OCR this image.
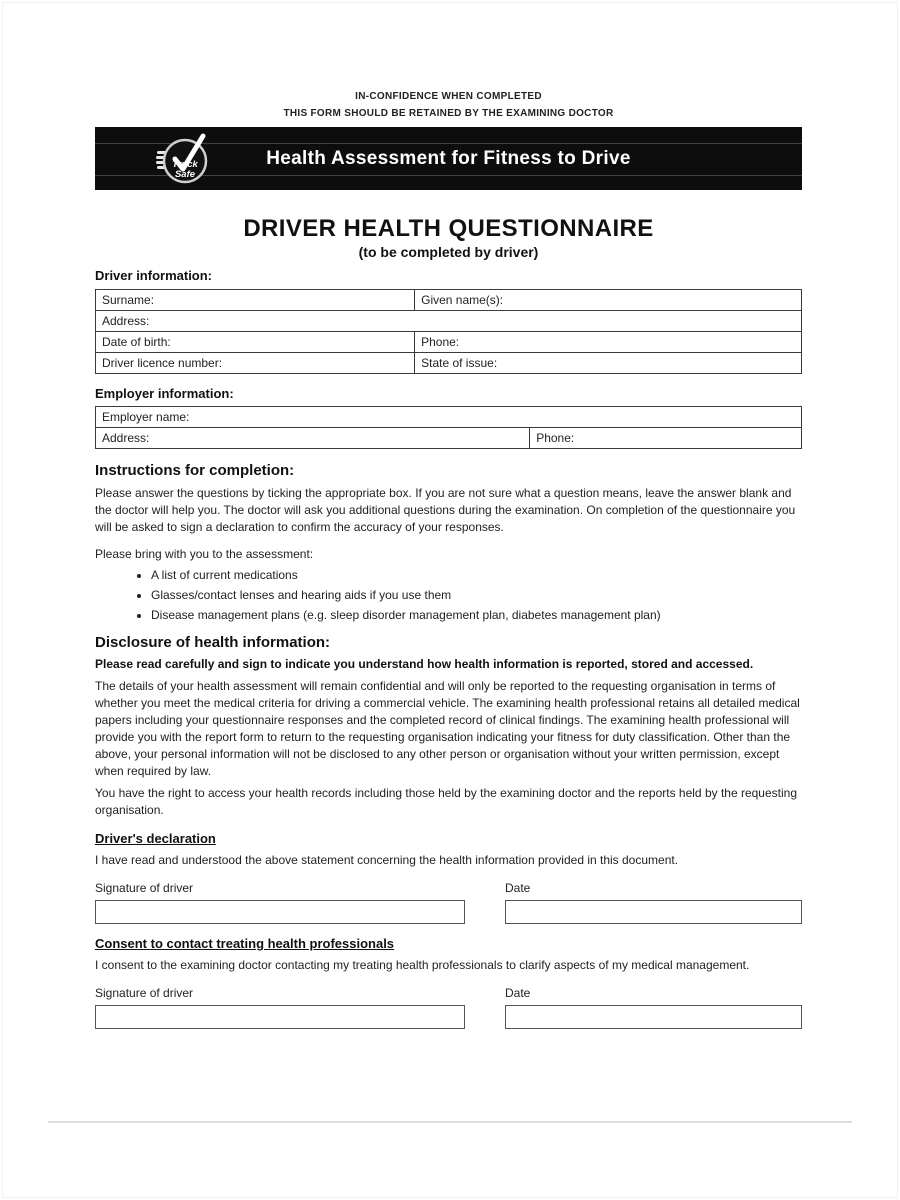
IN-CONFIDENCE WHEN COMPLETED
THIS FORM SHOULD BE RETAINED BY THE EXAMINING DOCTOR
Truck
Safe
Health Assessment for Fitness to Drive
DRIVER HEALTH QUESTIONNAIRE
(to be completed by driver)
Driver information:
Surname:	Given name(s):
Address:	
Date of birth:	Phone:
Driver licence number:	State of issue:
Employer information:
Employer name:
Address:	Phone:
Instructions for completion:
Please answer the questions by ticking the appropriate box. If you are not sure what a question means, leave the answer blank and the doctor will help you. The doctor will ask you additional questions during the examination. On completion of the questionnaire you will be asked to sign a declaration to confirm the accuracy of your responses.
Please bring with you to the assessment:
• A list of current medications
• Glasses/contact lenses and hearing aids if you use them
• Disease management plans (e.g. sleep disorder management plan, diabetes management plan)
Disclosure of health information:
Please read carefully and sign to indicate you understand how health information is reported, stored and accessed.
The details of your health assessment will remain confidential and will only be reported to the requesting organisation in terms of whether you meet the medical criteria for driving a commercial vehicle. The examining health professional retains all detailed medical papers including your questionnaire responses and the completed record of clinical findings. The examining health professional will provide you with the report form to return to the requesting organisation indicating your fitness for duty classification. Other than the above, your personal information will not be disclosed to any other person or organisation without your written permission, except when required by law.
You have the right to access your health records including those held by the examining doctor and the reports held by the requesting organisation.
Driver's declaration
I have read and understood the above statement concerning the health information provided in this document.
Signature of driver	Date
Consent to contact treating health professionals
I consent to the examining doctor contacting my treating health professionals to clarify aspects of my medical management.
Signature of driver	Date
